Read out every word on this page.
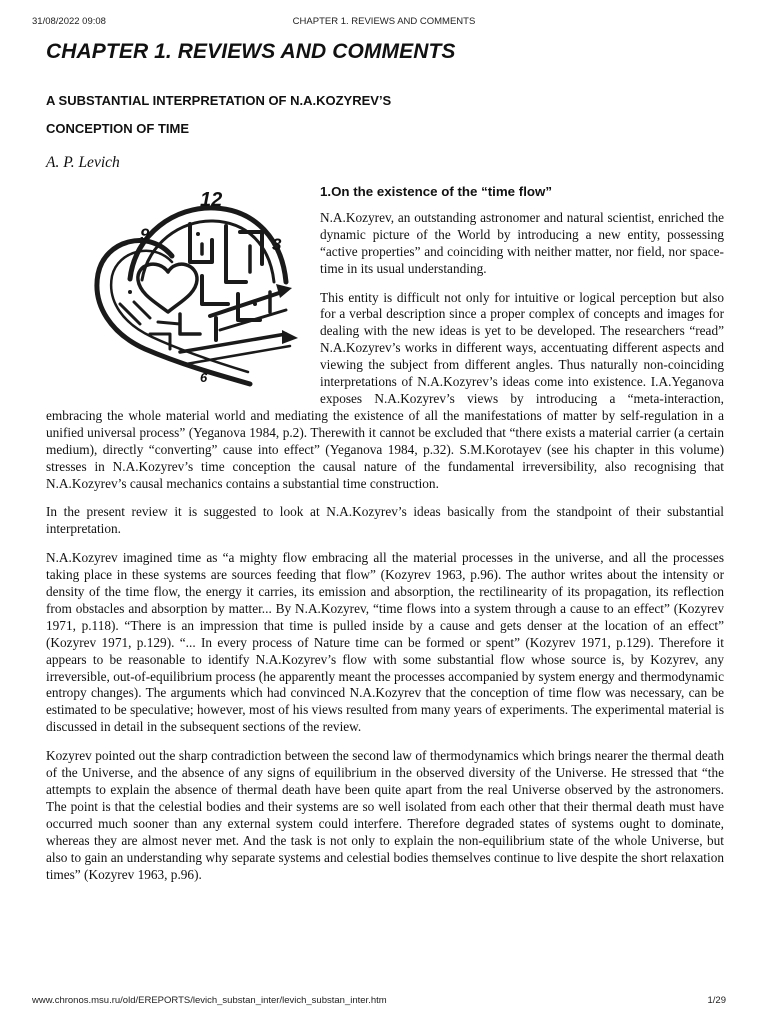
31/08/2022 09:08	CHAPTER 1. REVIEWS AND COMMENTS
CHAPTER 1. REVIEWS AND COMMENTS
A SUBSTANTIAL INTERPRETATION OF N.A.KOZYREV’S
CONCEPTION OF TIME
A. P. Levich
12
9
3
6
1.On the existence of the “time flow”

N.A.Kozyrev, an outstanding astronomer and natural scientist, enriched the dynamic picture of the World by introducing a new entity, possessing “active properties” and coinciding with neither matter, nor field, nor space-time in its usual understanding.

This entity is difficult not only for intuitive or logical perception but also for a verbal description since a proper complex of concepts and images for dealing with the new ideas is yet to be developed. The researchers “read” N.A.Kozyrev’s works in different ways, accentuating different aspects and viewing the subject from different angles. Thus naturally non-coinciding interpretations of N.A.Kozyrev’s ideas come into existence. I.A.Yeganova exposes N.A.Kozyrev’s views by introducing a “meta-interaction, embracing the whole material world and mediating the existence of all the manifestations of matter by self-regulation in a unified universal process” (Yeganova 1984, p.2). Therewith it cannot be excluded that “there exists a material carrier (a certain medium), directly “converting” cause into effect” (Yeganova 1984, p.32). S.M.Korotayev (see his chapter in this volume) stresses in N.A.Kozyrev’s time conception the causal nature of the fundamental irreversibility, also recognising that N.A.Kozyrev’s causal mechanics contains a substantial time construction.

In the present review it is suggested to look at N.A.Kozyrev’s ideas basically from the standpoint of their substantial interpretation.

N.A.Kozyrev imagined time as “a mighty flow embracing all the material processes in the universe, and all the processes taking place in these systems are sources feeding that flow” (Kozyrev 1963, p.96). The author writes about the intensity or density of the time flow, the energy it carries, its emission and absorption, the rectilinearity of its propagation, its reflection from obstacles and absorption by matter... By N.A.Kozyrev, “time flows into a system through a cause to an effect” (Kozyrev 1971, p.118). “There is an impression that time is pulled inside by a cause and gets denser at the location of an effect” (Kozyrev 1971, p.129). “... In every process of Nature time can be formed or spent” (Kozyrev 1971, p.129). Therefore it appears to be reasonable to identify N.A.Kozyrev’s flow with some substantial flow whose source is, by Kozyrev, any irreversible, out-of-equilibrium process (he apparently meant the processes accompanied by system energy and thermodynamic entropy changes). The arguments which had convinced N.A.Kozyrev that the conception of time flow was necessary, can be estimated to be speculative; however, most of his views resulted from many years of experiments. The experimental material is discussed in detail in the subsequent sections of the review.

Kozyrev pointed out the sharp contradiction between the second law of thermodynamics which brings nearer the thermal death of the Universe, and the absence of any signs of equilibrium in the observed diversity of the Universe. He stressed that “the attempts to explain the absence of thermal death have been quite apart from the real Universe observed by the astronomers. The point is that the celestial bodies and their systems are so well isolated from each other that their thermal death must have occurred much sooner than any external system could interfere. Therefore degraded states of systems ought to dominate, whereas they are almost never met. And the task is not only to explain the non-equilibrium state of the whole Universe, but also to gain an understanding why separate systems and celestial bodies themselves continue to live despite the short relaxation times” (Kozyrev 1963, p.96).

www.chronos.msu.ru/old/EREPORTS/levich_substan_inter/levich_substan_inter.htm	1/29
